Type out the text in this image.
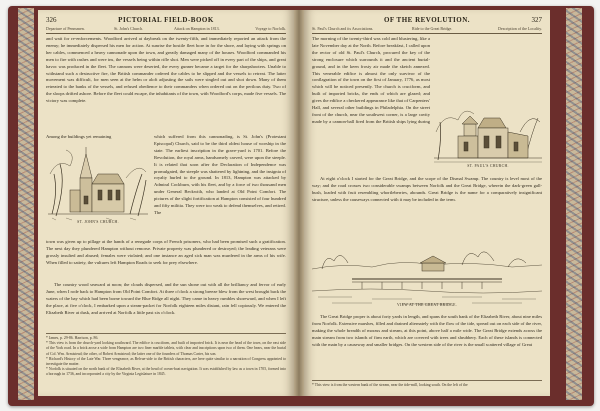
326	PICTORIAL FIELD-BOOK
Departure of Pennsmen.	St. John's Church.	Attack on Hampton in 1813.	Voyage to Norfolk.

and wait for re-enforcements. Woodford arrived at daybreak on the twenty-fifth, and immediately reported an attack from the enemy; he immediately dispersed his men for action. At sunrise the hostile fleet bore in for the shore, and laying with springs on her cables, commenced a heavy cannonade upon the town, and greatly damaged many of the houses. Woodford commanded his men to fire with rashes and were ins, the vessels being within rifle shot. Men were picked off in every part of the ships, and great havoc was produced in the fleet. The cannons were deserted, the every gunner became a target for the sharpshooters. Unable to withstand such a destructive fire, the British commander ordered the cables to be slipped and the vessels to retreat. The latter movement was difficult, for men seen at the helm or aloft adjusting the sails were singled out and shot down. Many of them retreated to the banks of the vessels, and refused obedience to their commanders when ordered out on the perilous duty. Two of the sloops drifted ashore. Before the fleet could escape, the inhabitants of the town, with Woodford's corps, made five vessels. The victory was complete.

Among the buildings yet remaining

ST. JOHN'S CHURCH.

which suffered from this cannonading, is St. John's (Protestant Episcopal) Church, said to be the third oldest house of worship in the state. The earliest inscription in the grave-yard is 1701. Before the Revolution, the royal arms, handsomely carved, were upon the steeple. It is related that soon after the Declaration of Independence was promulgated, the steeple was shattered by lightning, and the insignia of royalty hurled to the ground. In 1813, Hampton was attacked by Admiral Cockburn, with his fleet, and by a force of two thousand men under General Beckwith, who landed at Old Point Comfort. The pictures of the slight fortification at Hampton consisted of four hundred and fifty militia. They were too weak to defend themselves, and retired. The

town was given up to pillage at the hands of a renegade corps of French prisoners, who had been promised such a gratification. The next day they plundered Hampton without remorse. Private property was plundered or destroyed; the leading veterans were grossly insulted and abused; females were violated; and one instance an aged sick man was murdered in the arms of his wife. When filled to satiety, the vultures left Hampton Roads to seek for prey elsewhere.

The country wood seaward at noon; the clouds dispersed, and the sun shone out with all the brilliancy and fervor of early June, when I rode back to Hampton from Old Point Comfort. At three o'clock a strong breeze blew from the west brought back the waters of the bay which had been borne toward the Blue Ridge all night. They came in heavy rumbles shoreward, and when I left the place, at five o'clock, I embarked upon a steam-packet for Norfolk eighteen miles distant, rain fell copiously. We entered the Elizabeth River at dusk, and arrived at Norfolk a little past six o'clock.

* James, p. 29-86. Harrison, p. 86.
* This view is from the church-yard looking southward. The edifice is cruciform, and built of imported brick. It is near the head of the town, on the east side of the York road. In a brick arose a wide from Hampton are two finer marble tablets, with clear and inscriptions upon two of them. One bears, near the burial of Col. Wm. Armistead; the other, of Robert Armistead; the latter one of the founders of Thomas Carter, his son.
* Richard's History of the Late War. Three vengeance, as Belvue-side to the British characters, are here quite similar to a narration of Congress appointed to investigate the matter.
* Norfolk is situated on the north bank of the Elizabeth River, at the head of ocean-boat navigation. It was established by law as a town in 1705, formed into a borough in 1736, and incorporated a city by the Virginia Legislature in 1845.
OF THE REVOLUTION.	327
St. Paul's Church and its Associations.	Ride to the Great Bridge.	Description of the Locality.

The morning of the twenty-third was cold and blustering, like a late November day at the North. Before breakfast, I called upon the rector of old St. Paul's Church, procured the key of the strong enclosure which surrounds it and the ancient burial-ground, and in the keen frosty air made the sketch annexed. This venerable edifice is almost the only survivor of the conflagration of the town on the first of January, 1776, as most which will be noticed presently. The church is cruciform, and built of imported bricks, the ends of which are glazed; and gives the edifice a checkered appearance like that of Carpenters' Hall, and several other buildings in Philadelphia. On the street front of the church, near the southwest corner, is a large cavity made by a cannon-ball fired from the British ships lying during

ST. PAUL'S CHURCH.

At eight o'clock I started for the Great Bridge, and the scope of the Dismal Swamp. The country is level most of the way; and the road crosses two considerable swamps between Norfolk and the Great Bridge, wherein the dark-green gall-bush, loaded with fruit resembling whortleberries, abounds. Great Bridge is the name for a comparatively insignificant structure, unless the causeways connected with it may be included in the term.

VIEW AT THE GREAT BRIDGE.

The Great Bridge proper is about forty yards in length, and spans the south bank of the Elizabeth River, about nine miles from Norfolk. Extensive marshes, filled and drained alternately with the flow of the tide, spread out on each side of the river, making the whole breadth of morass and stream, at this point, above half a mile wide. The Great Bridge extends across the main stream from two islands of firm earth, which are covered with trees and shrubbery. Each of these islands is connected with the main by a causeway and smaller bridges. On the western side of the river is the small scattered village of Great

* This view is from the western bank of the stream, near the tide-mill, looking south. On the left of the
